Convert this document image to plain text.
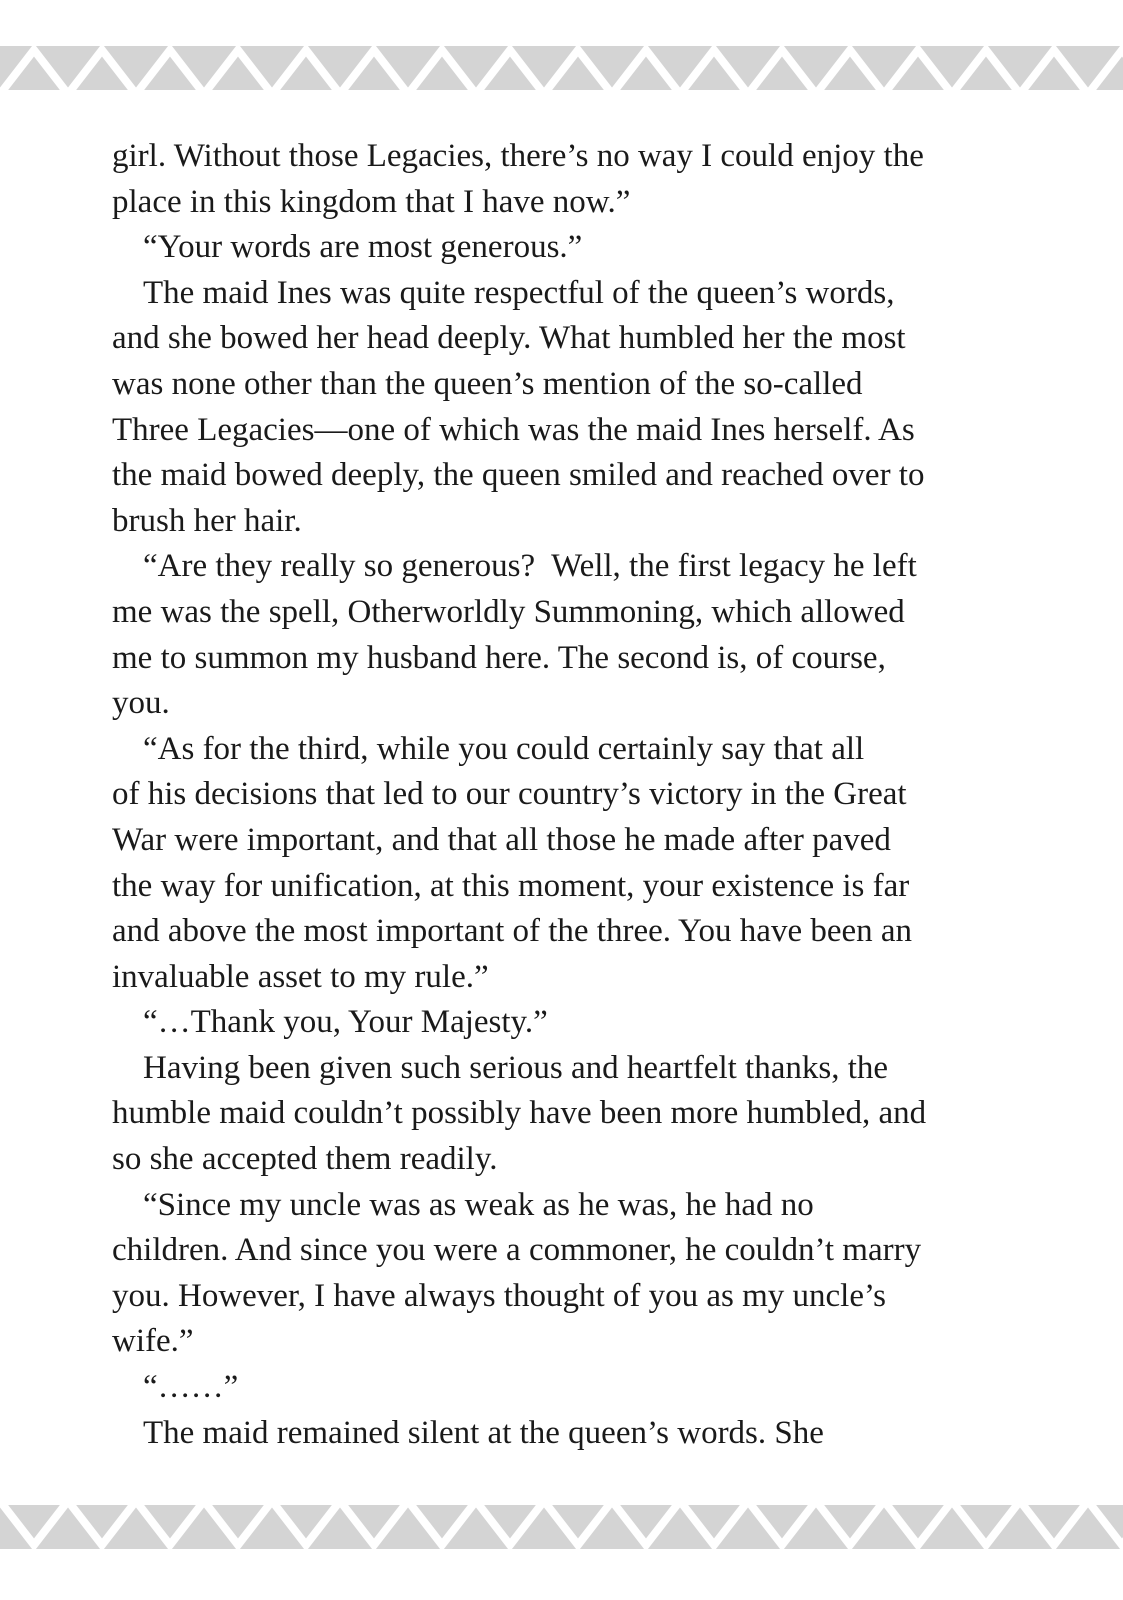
girl. Without those Legacies, there’s no way I could enjoy the
place in this kingdom that I have now.”

“Your words are most generous.”

The maid Ines was quite respectful of the queen’s words,
and she bowed her head deeply. What humbled her the most
was none other than the queen’s mention of the so-called
Three Legacies—one of which was the maid Ines herself. As
the maid bowed deeply, the queen smiled and reached over to
brush her hair.

“Are they really so generous?  Well, the first legacy he left
me was the spell, Otherworldly Summoning, which allowed
me to summon my husband here. The second is, of course,
you.

“As for the third, while you could certainly say that all
of his decisions that led to our country’s victory in the Great
War were important, and that all those he made after paved
the way for unification, at this moment, your existence is far
and above the most important of the three. You have been an
invaluable asset to my rule.”

“…Thank you, Your Majesty.”

Having been given such serious and heartfelt thanks, the
humble maid couldn’t possibly have been more humbled, and
so she accepted them readily.

“Since my uncle was as weak as he was, he had no
children. And since you were a commoner, he couldn’t marry
you. However, I have always thought of you as my uncle’s
wife.”

“……”

The maid remained silent at the queen’s words. She
